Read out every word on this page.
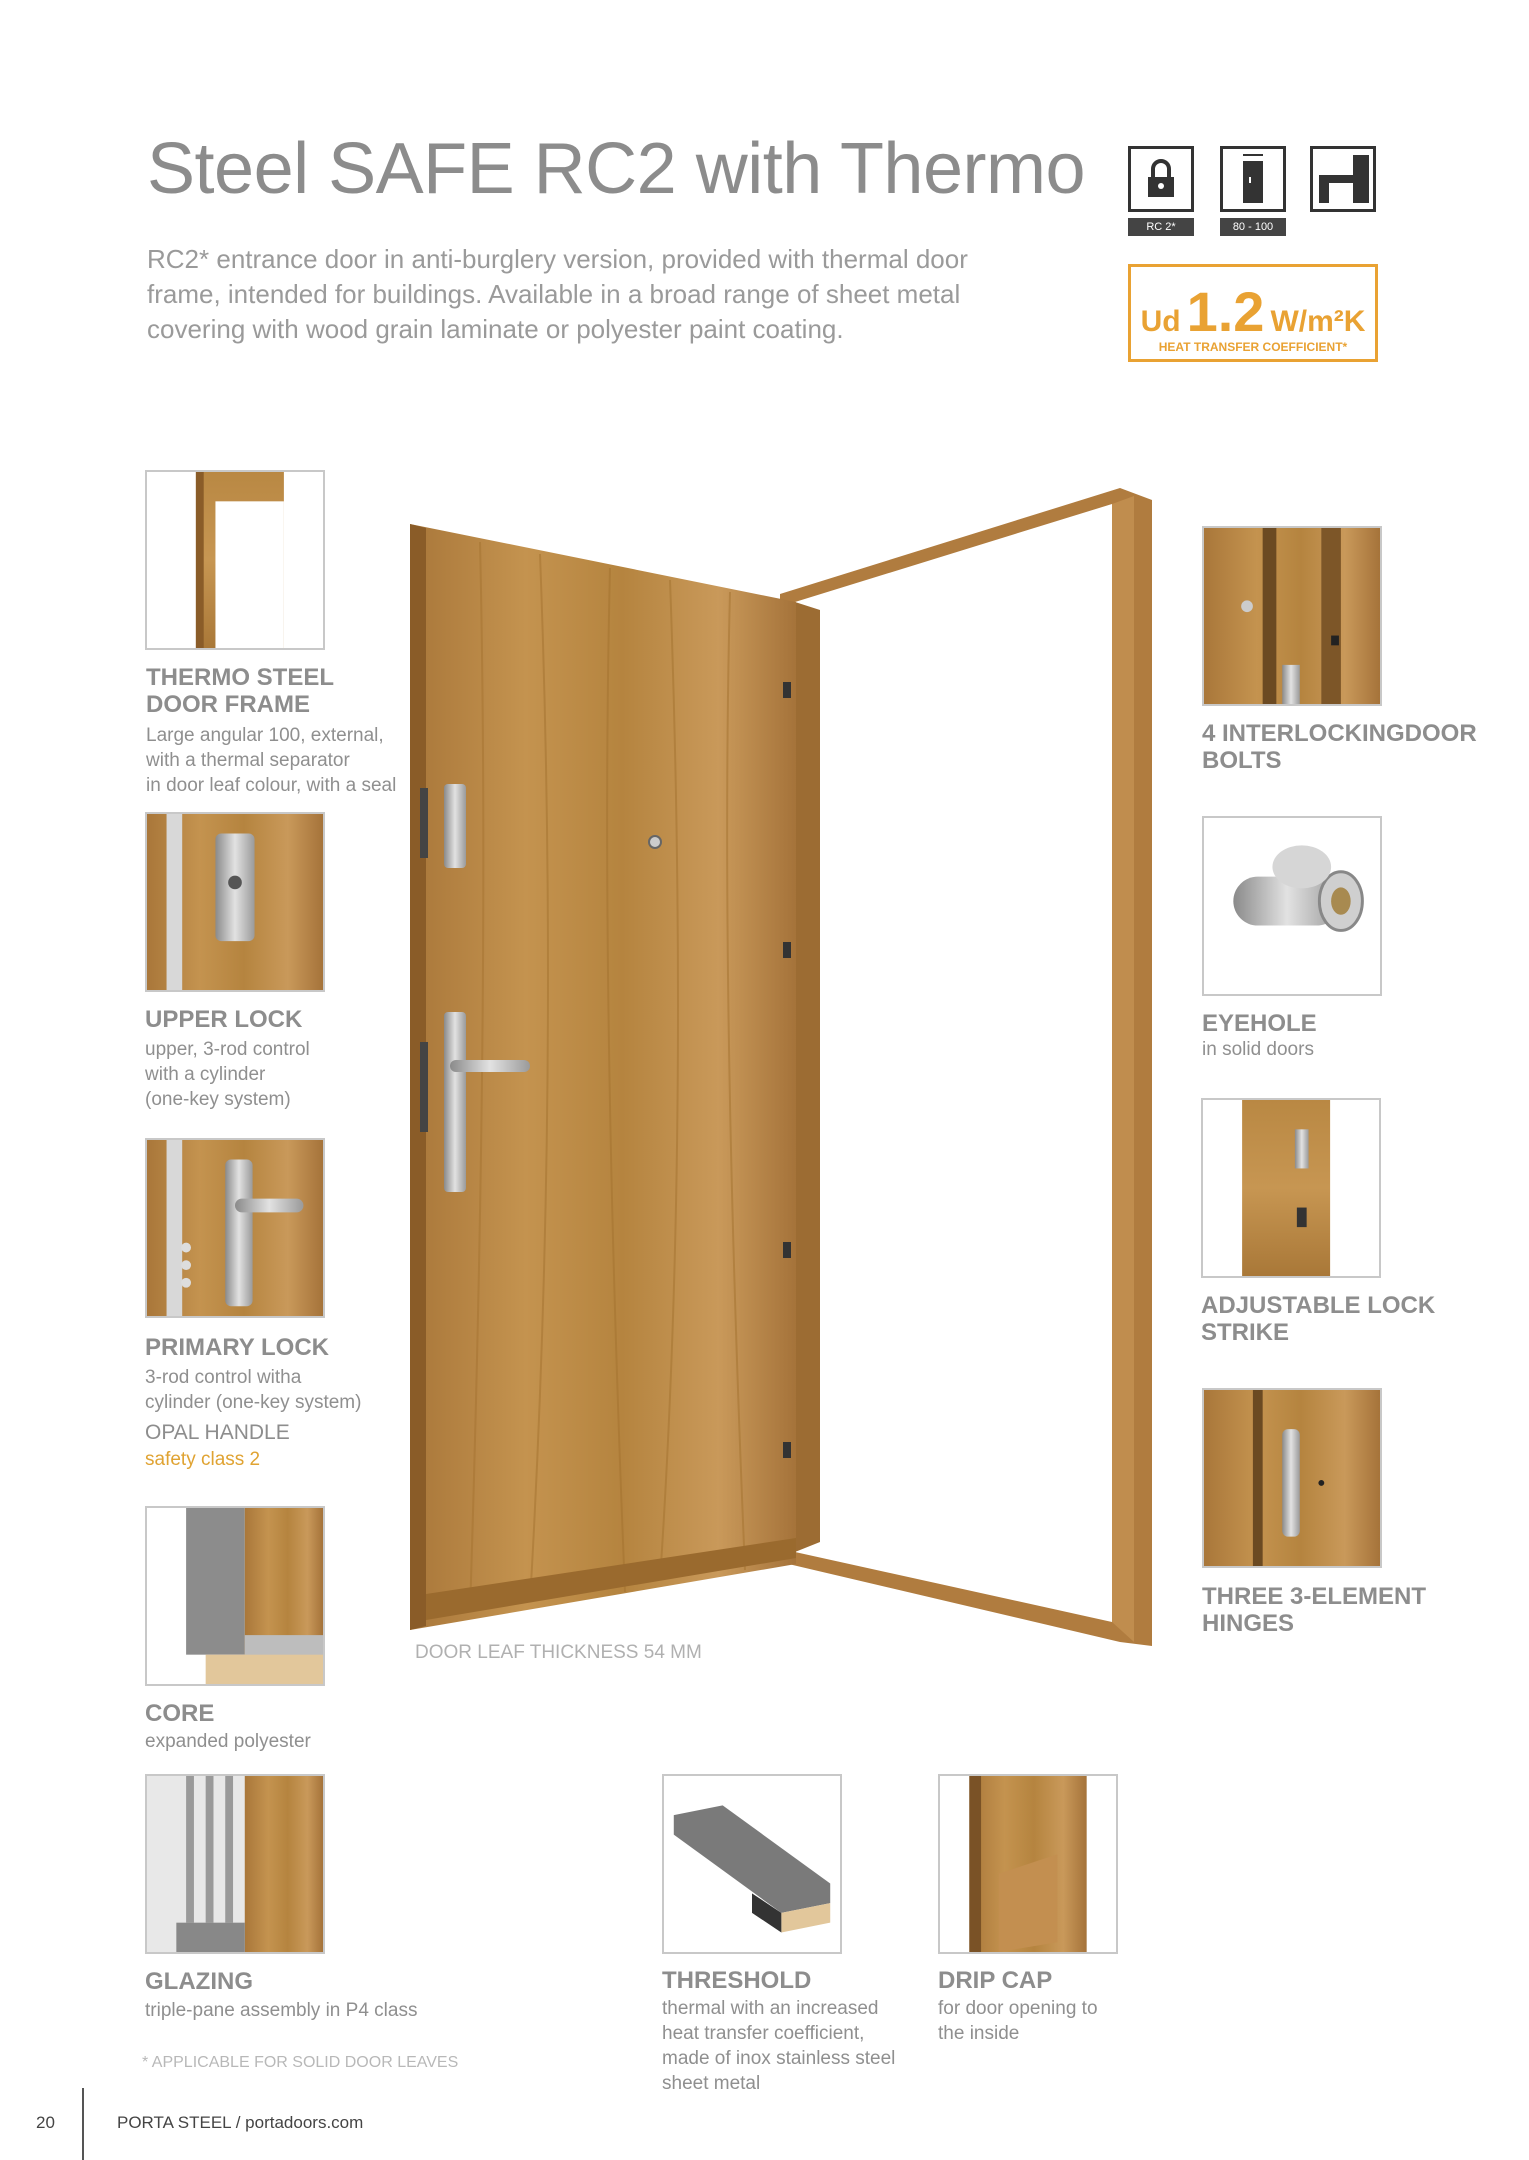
Steel SAFE RC2 with Thermo
RC2* entrance door in anti-burglery version, provided with thermal door frame, intended for buildings. Available in a broad range of sheet metal covering with wood grain laminate or polyester paint coating.
RC 2*	80 - 100
Ud 1.2 W/m²K
HEAT TRANSFER COEFFICIENT*
DOOR LEAF THICKNESS 54 MM
THERMO STEEL
DOOR FRAME
Large angular 100, external,
with a thermal separator
in door leaf colour, with a seal
UPPER LOCK
upper, 3-rod control
with a cylinder
(one-key system)
PRIMARY LOCK
3-rod control witha
cylinder (one-key system)
OPAL HANDLE
safety class 2
CORE
expanded polyester
GLAZING
triple-pane assembly in P4 class
* APPLICABLE FOR SOLID DOOR LEAVES
4 INTERLOCKINGDOOR
BOLTS
EYEHOLE
in solid doors
ADJUSTABLE LOCK
STRIKE
THREE 3-ELEMENT
HINGES
THRESHOLD
thermal with an increased
heat transfer coefficient,
made of inox stainless steel
sheet metal
DRIP CAP
for door opening to
the inside
20	PORTA STEEL / portadoors.com
